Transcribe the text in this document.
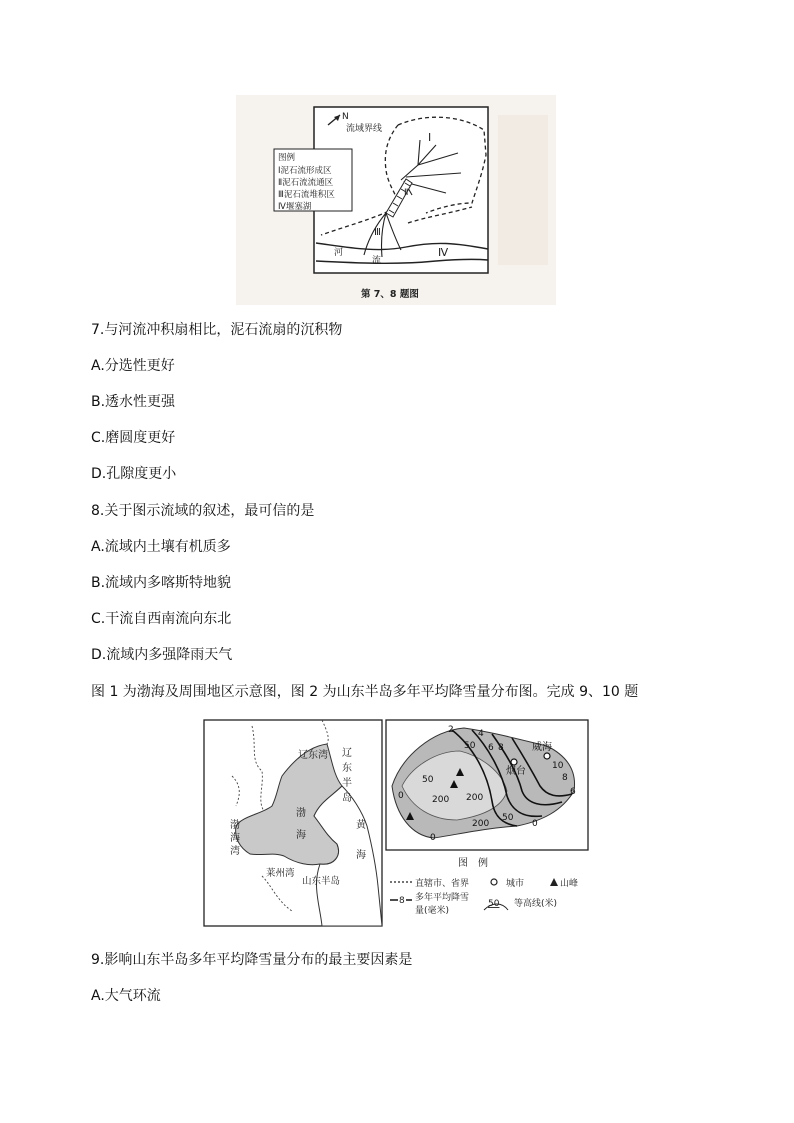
N
流域界线
Ⅰ
Ⅱ
Ⅲ
Ⅳ
河
流
图例
Ⅰ泥石流形成区
Ⅱ泥石流流通区
Ⅲ泥石流堆积区
Ⅳ堰塞湖
第 7、8 题图
7.与河流冲积扇相比，泥石流扇的沉积物
A.分选性更好
B.透水性更强
C.磨圆度更好
D.孔隙度更小
8.关于图示流域的叙述，最可信的是
A.流域内土壤有机质多
B.流域内多喀斯特地貌
C.干流自西南流向东北
D.流域内多强降雨天气
图 1 为渤海及周围地区示意图，图 2 为山东半岛多年平均降雪量分布图。完成 9、10 题
辽东湾 辽
东
半
岛
渤
海
渤
海
湾
黄
海
莱州湾
山东半岛
2	4
50 6 8	威海
烟台	10
8
6
50
200 200
0
0
200
50
0
图　例
直辖市、省界	城市	山峰
8 多年平均降雪
量(毫米)
50 等高线(米)
9.影响山东半岛多年平均降雪量分布的最主要因素是
A.大气环流
